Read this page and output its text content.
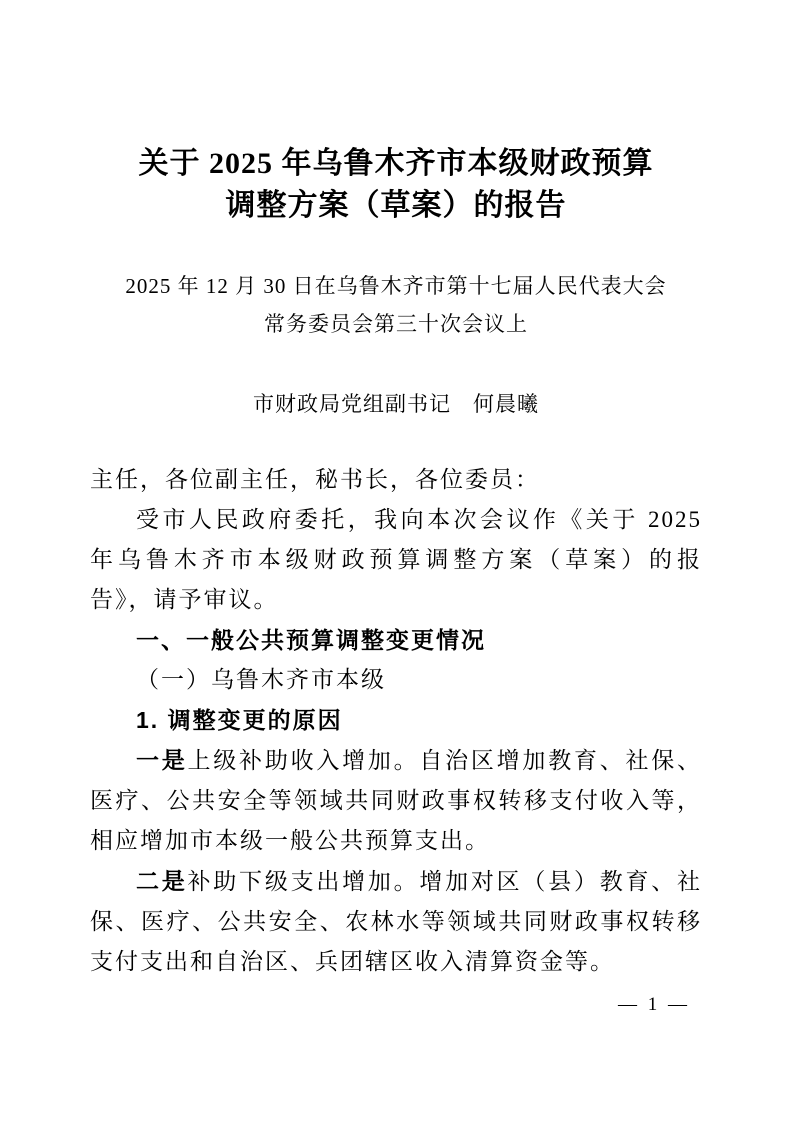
关于 2025 年乌鲁木齐市本级财政预算
调整方案（草案）的报告
2025 年 12 月 30 日在乌鲁木齐市第十七届人民代表大会
常务委员会第三十次会议上
市财政局党组副书记　何晨曦

主任，各位副主任，秘书长，各位委员：

受市人民政府委托，我向本次会议作《关于 2025 年乌鲁木齐市本级财政预算调整方案（草案）的报告》，请予审议。

一、一般公共预算调整变更情况
（一）乌鲁木齐市本级
1. 调整变更的原因

一是上级补助收入增加。自治区增加教育、社保、医疗、公共安全等领域共同财政事权转移支付收入等，相应增加市本级一般公共预算支出。

二是补助下级支出增加。增加对区（县）教育、社保、医疗、公共安全、农林水等领域共同财政事权转移支付支出和自治区、兵团辖区收入清算资金等。

— 1 —
